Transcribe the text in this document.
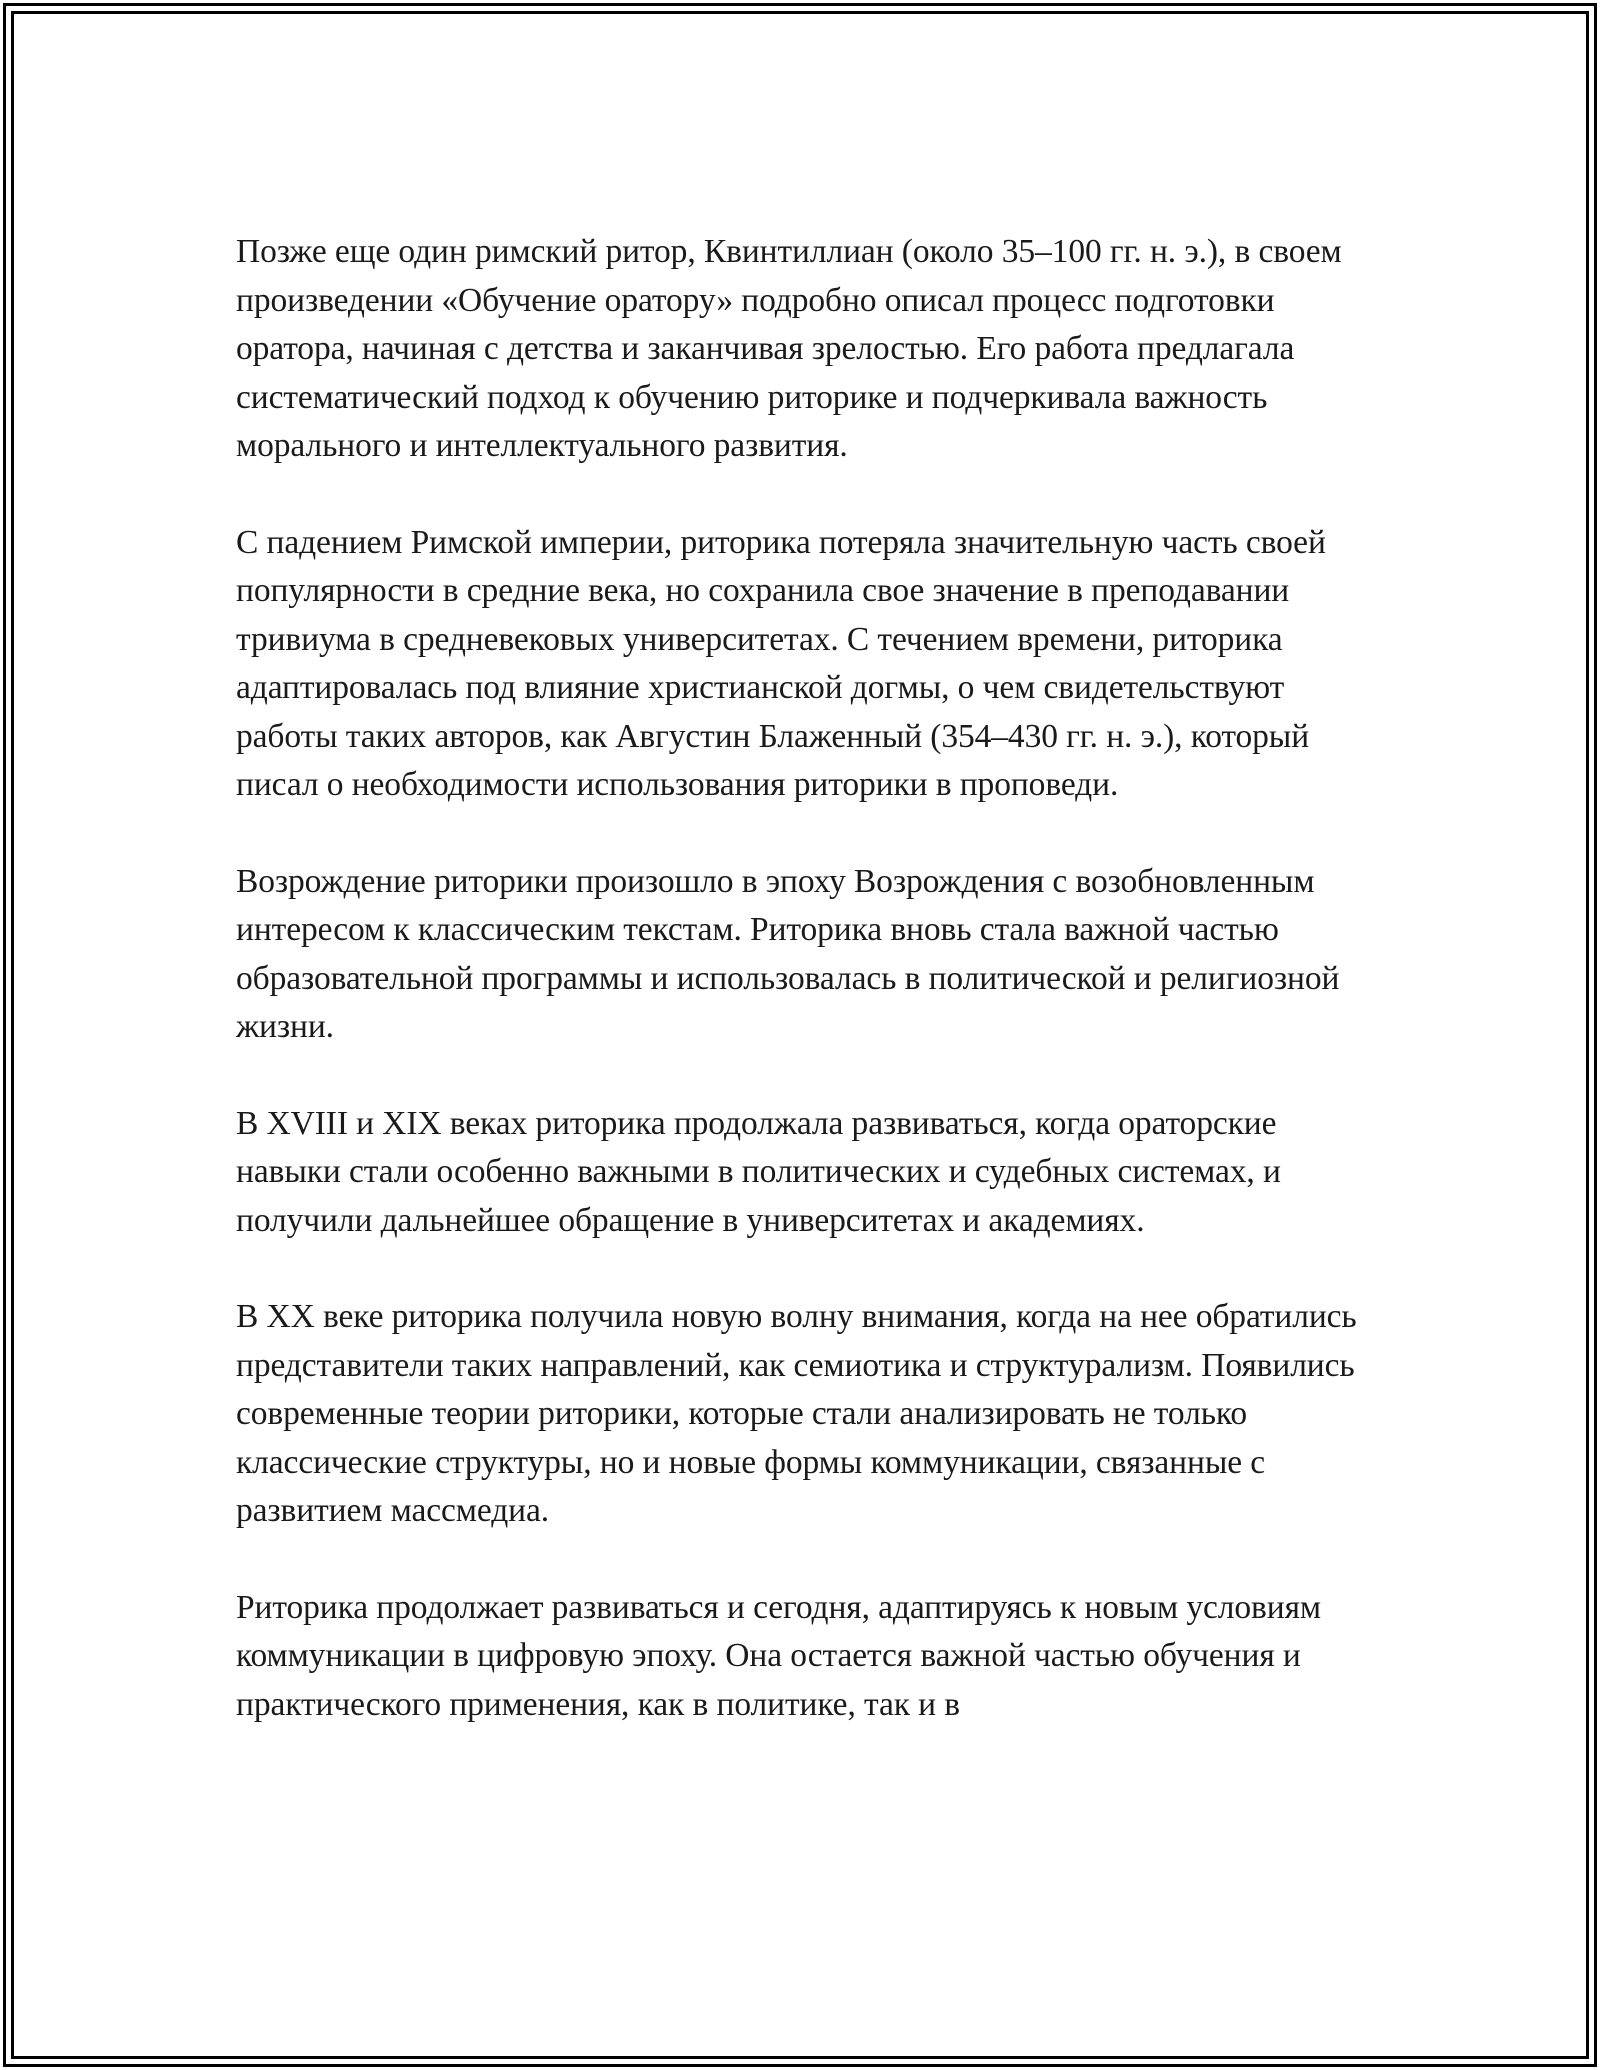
Позже еще один римский ритор, Квинтиллиан (около 35–100 гг. н. э.), в своем произведении «Обучение оратору» подробно описал процесс подготовки оратора, начиная с детства и заканчивая зрелостью. Его работа предлагала систематический подход к обучению риторике и подчеркивала важность морального и интеллектуального развития.

С падением Римской империи, риторика потеряла значительную часть своей популярности в средние века, но сохранила свое значение в преподавании тривиума в средневековых университетах. С течением времени, риторика адаптировалась под влияние христианской догмы, о чем свидетельствуют работы таких авторов, как Августин Блаженный (354–430 гг. н. э.), который писал о необходимости использования риторики в проповеди.

Возрождение риторики произошло в эпоху Возрождения с возобновленным интересом к классическим текстам. Риторика вновь стала важной частью образовательной программы и использовалась в политической и религиозной жизни.

В XVIII и XIX веках риторика продолжала развиваться, когда ораторские навыки стали особенно важными в политических и судебных системах, и получили дальнейшее обращение в университетах и академиях.

В XX веке риторика получила новую волну внимания, когда на нее обратились представители таких направлений, как семиотика и структурализм. Появились современные теории риторики, которые стали анализировать не только классические структуры, но и новые формы коммуникации, связанные с развитием массмедиа.

Риторика продолжает развиваться и сегодня, адаптируясь к новым условиям коммуникации в цифровую эпоху. Она остается важной частью обучения и практического применения, как в политике, так и в
